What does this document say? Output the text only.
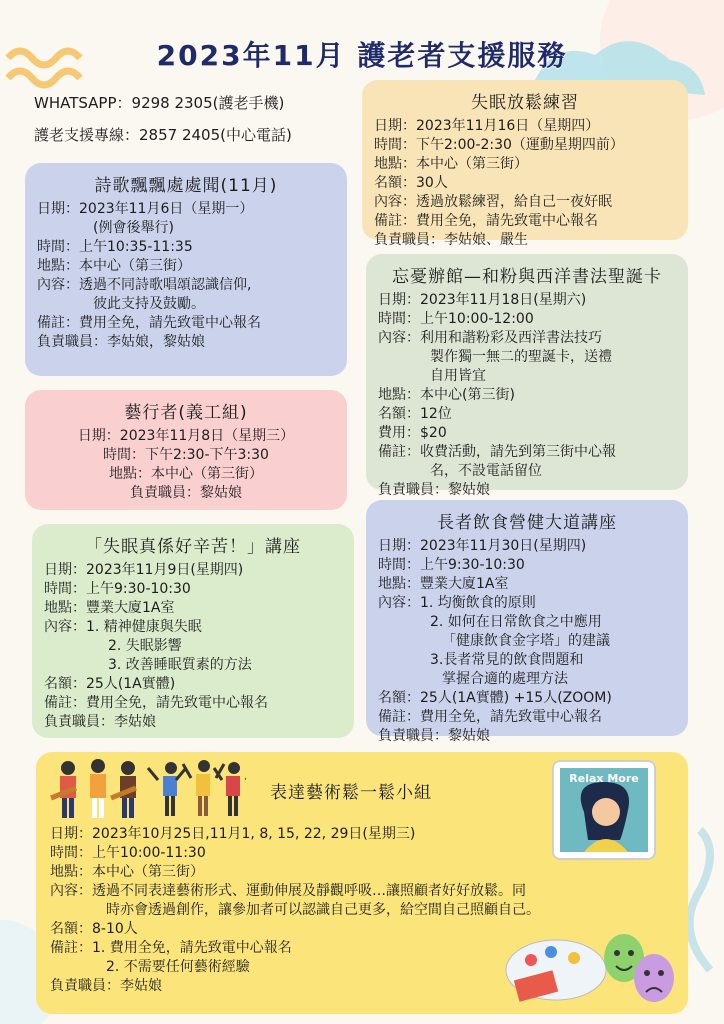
2023年11月 護老者支援服務
WHATSAPP：9298 2305(護老手機)
護老支援專線：2857 2405(中心電話)
詩歌飄飄處處聞(11月)
日期：2023年11月6日（星期一）
(例會後舉行)
時間：上午10:35-11:35
地點：本中心（第三街）
內容：透過不同詩歌唱頌認識信仰,
彼此支持及鼓勵。
備註：費用全免，請先致電中心報名
負責職員：李姑娘，黎姑娘
藝行者(義工組)
日期：2023年11月8日（星期三）
時間：下午2:30-下午3:30
地點：本中心（第三街）
負責職員：黎姑娘
「失眠真係好辛苦！」講座
日期：2023年11月9日(星期四)
時間：上午9:30-10:30
地點：豐業大廈1A室
內容：1. 精神健康與失眠
2. 失眠影響
3. 改善睡眠質素的方法
名額：25人(1A實體)
備註：費用全免，請先致電中心報名
負責職員：李姑娘
失眠放鬆練習
日期：2023年11月16日（星期四）
時間：下午2:00-2:30（運動星期四前）
地點：本中心（第三街）
名額：30人
內容：透過放鬆練習，給自己一夜好眠
備註：費用全免，請先致電中心報名
負責職員：李姑娘、嚴生
忘憂辦館—和粉與西洋書法聖誕卡
日期：2023年11月18日(星期六)
時間：上午10:00-12:00
內容：利用和諧粉彩及西洋書法技巧
製作獨一無二的聖誕卡，送禮
自用皆宜
地點：本中心(第三街)
名額：12位
費用：$20
備註：收費活動，請先到第三街中心報
名，不設電話留位
負責職員：黎姑娘
長者飲食營健大道講座
日期：2023年11月30日(星期四)
時間：上午9:30-10:30
地點：豐業大廈1A室
內容：1. 均衡飲食的原則
2. 如何在日常飲食之中應用
「健康飲食金字塔」的建議
3.長者常見的飲食問題和
掌握合適的處理方法
名額：25人(1A實體) +15人(ZOOM)
備註：費用全免，請先致電中心報名
負責職員：黎姑娘
表達藝術鬆一鬆小組
Relax More
日期：2023年10月25日,11月1, 8, 15, 22, 29日(星期三)
時間：上午10:00-11:30
地點：本中心（第三街）
內容：透過不同表達藝術形式、運動伸展及靜觀呼吸…讓照顧者好好放鬆。同
時亦會透過創作，讓參加者可以認識自己更多，給空間自己照顧自己。
名額：8-10人
備註：1. 費用全免，請先致電中心報名
2. 不需要任何藝術經驗
負責職員：李姑娘
